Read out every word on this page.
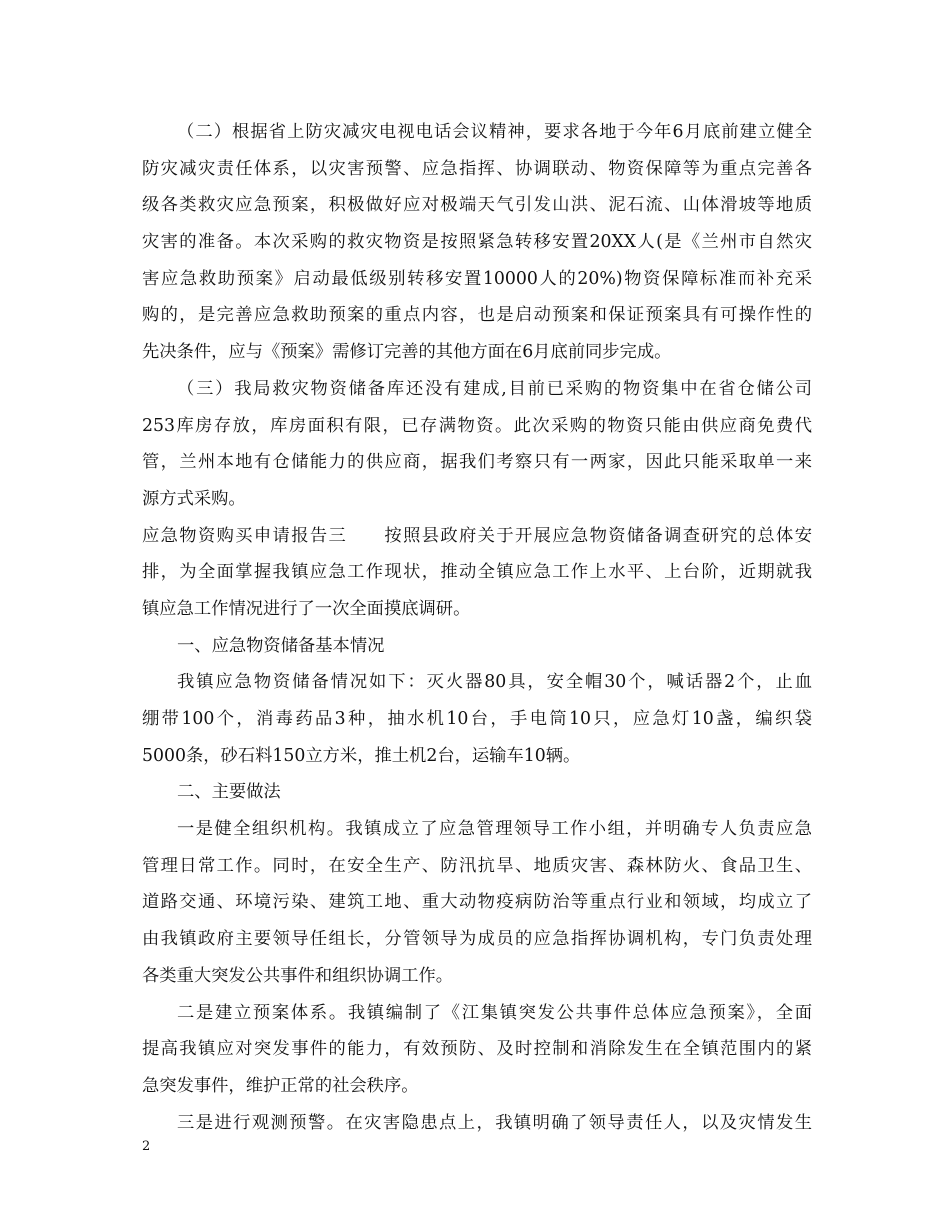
（二）根据省上防灾减灾电视电话会议精神，要求各地于今年6月底前建立健全
防灾减灾责任体系，以灾害预警、应急指挥、协调联动、物资保障等为重点完善各
级各类救灾应急预案，积极做好应对极端天气引发山洪、泥石流、山体滑坡等地质
灾害的准备。本次采购的救灾物资是按照紧急转移安置20XX人(是《兰州市自然灾
害应急救助预案》启动最低级别转移安置10000人的20%)物资保障标准而补充采
购的，是完善应急救助预案的重点内容，也是启动预案和保证预案具有可操作性的
先决条件，应与《预案》需修订完善的其他方面在6月底前同步完成。
（三）我局救灾物资储备库还没有建成,目前已采购的物资集中在省仓储公司
253库房存放，库房面积有限，已存满物资。此次采购的物资只能由供应商免费代
管，兰州本地有仓储能力的供应商，据我们考察只有一两家，因此只能采取单一来
源方式采购。
应急物资购买申请报告三　　按照县政府关于开展应急物资储备调查研究的总体安
排，为全面掌握我镇应急工作现状，推动全镇应急工作上水平、上台阶，近期就我
镇应急工作情况进行了一次全面摸底调研。
一、应急物资储备基本情况
我镇应急物资储备情况如下：灭火器80具，安全帽30个，喊话器2个，止血
绷带100个，消毒药品3种，抽水机10台，手电筒10只，应急灯10盏，编织袋
5000条，砂石料150立方米，推土机2台，运输车10辆。
二、主要做法
一是健全组织机构。我镇成立了应急管理领导工作小组，并明确专人负责应急
管理日常工作。同时，在安全生产、防汛抗旱、地质灾害、森林防火、食品卫生、
道路交通、环境污染、建筑工地、重大动物疫病防治等重点行业和领域，均成立了
由我镇政府主要领导任组长，分管领导为成员的应急指挥协调机构，专门负责处理
各类重大突发公共事件和组织协调工作。
二是建立预案体系。我镇编制了《江集镇突发公共事件总体应急预案》，全面
提高我镇应对突发事件的能力，有效预防、及时控制和消除发生在全镇范围内的紧
急突发事件，维护正常的社会秩序。
三是进行观测预警。在灾害隐患点上，我镇明确了领导责任人，以及灾情发生
2
